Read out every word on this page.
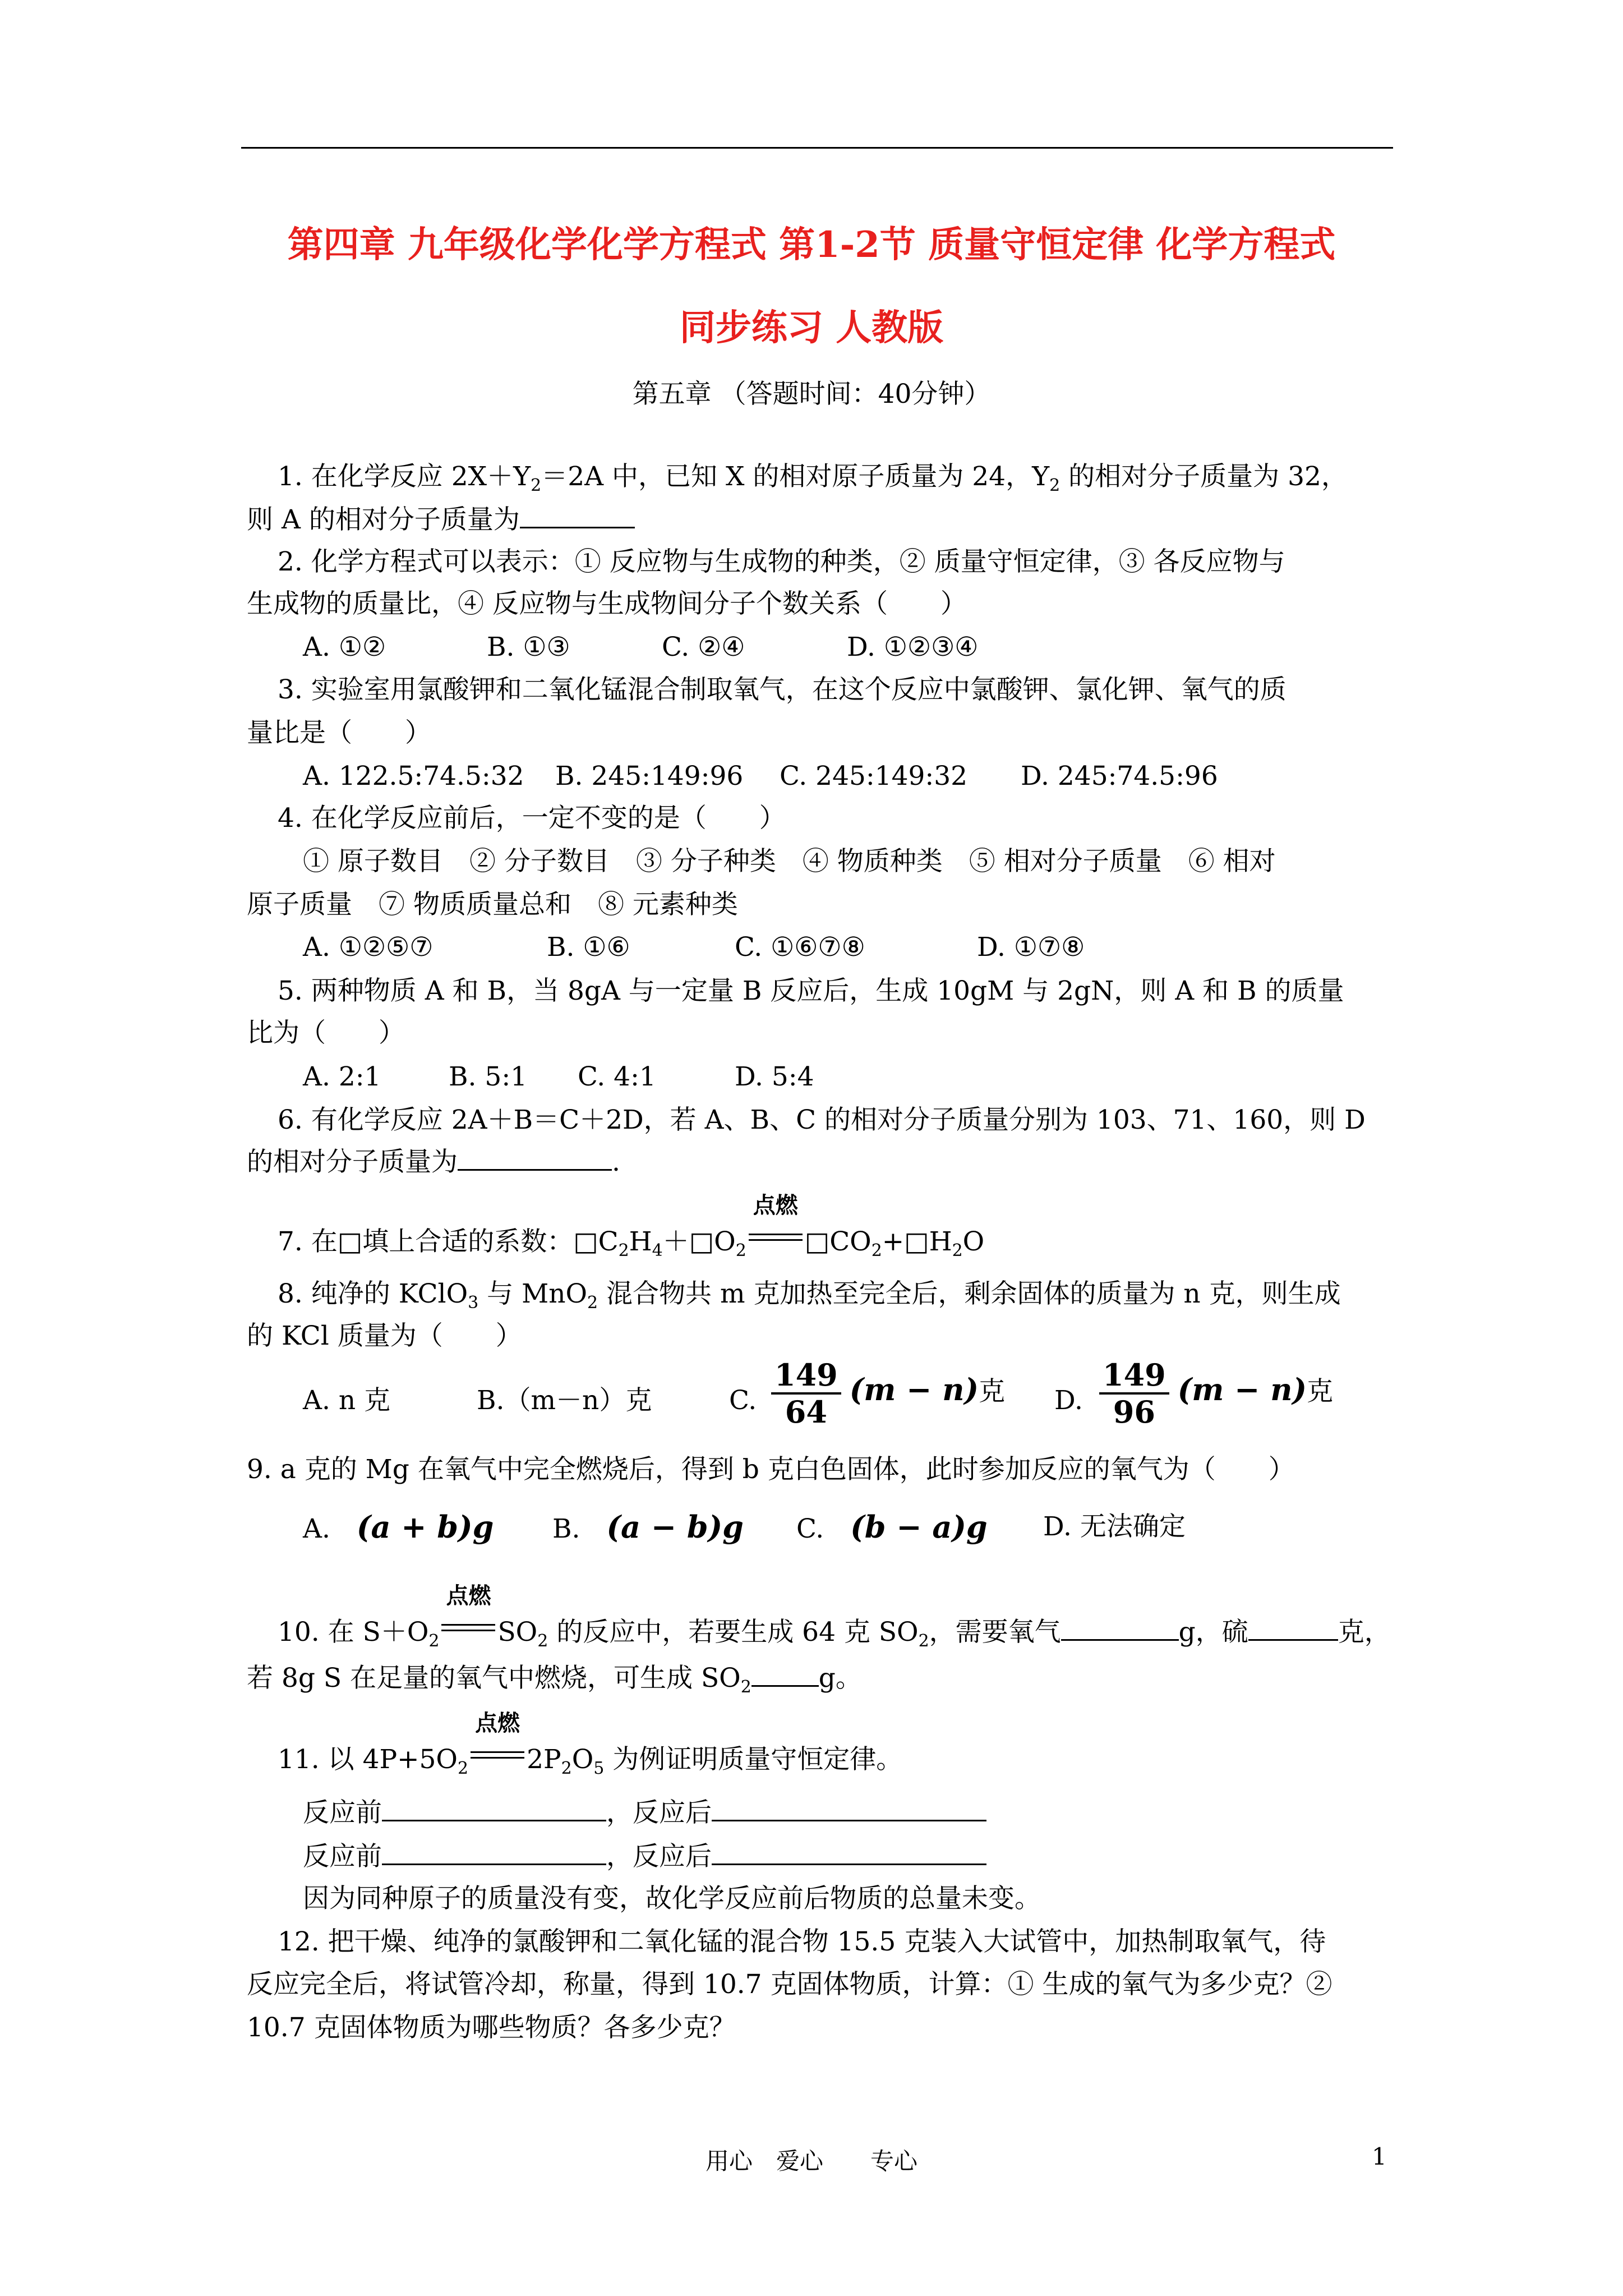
第四章 九年级化学化学方程式 第1-2节 质量守恒定律 化学方程式
同步练习 人教版
第五章 （答题时间：40分钟）
1. 在化学反应 $2X+Y_2=2A$ 中，已知 X 的相对原子质量为 24，$Y_2$ 的相对分子质量为 32，
则 A 的相对分子质量为
2. 化学方程式可以表示：① 反应物与生成物的种类，② 质量守恒定律，③ 各反应物与
生成物的质量比，④ 反应物与生成物间分子个数关系（　　）
A. ①②	B. ①③	C. ②④	D. ①②③④
3. 实验室用氯酸钾和二氧化锰混合制取氧气，在这个反应中氯酸钾、氯化钾、氧气的质
量比是（　　）
A. 122.5:74.5:32 B. 245:149:96 C. 245:149:32 D. 245:74.5:96
4. 在化学反应前后，一定不变的是（　　）
① 原子数目　② 分子数目　③ 分子种类　④ 物质种类　⑤ 相对分子质量　⑥ 相对
原子质量　⑦ 物质质量总和　⑧ 元素种类
A. ①②⑤⑦	B. ①⑥	C. ①⑥⑦⑧	D. ①⑦⑧
5. 两种物质 A 和 B，当 8gA 与一定量 B 反应后，生成 10gM 与 2gN，则 A 和 B 的质量
比为（　　）
A. 2:1	B. 5:1 C. 4:1	D. 5:4
6. 有化学反应 2A＋B＝C＋2D，若 A、B、C 的相对分子质量分别为 103、71、160，则 D
的相对分子质量为	.
7. 在□填上合适的系数：$□C_2H_4+□O_2$
点燃
$□CO_2+□H_2O$
8. 纯净的 KClO$_3$ 与 MnO$_2$ 混合物共 m 克加热至完全后，剩余固体的质量为 n 克，则生成
的 KCl 质量为（　　）
A. n 克	B.（m－n）克	C. $\frac{149}{64} (m - n)$克 D. $\frac{149}{96} (m - n)$克
9. a 克的 Mg 在氧气中完全燃烧后，得到 b 克白色固体，此时参加反应的氧气为（　　）
A.　 (a + b)g B.　 (a − b)g C.　 (b − a)g D. 无法确定
10. 在 $S+O_2$
点燃
$SO_2$ 的反应中，若要生成 64 克 $SO_2$，需要氧气	g，硫	克，
若 8g S 在足量的氧气中燃烧，可生成 $SO_2$	g。
11. 以 $4P+5O_2$
点燃
$2P_2O_5$ 为例证明质量守恒定律。
反应前	，反应后
反应前	，反应后
因为同种原子的质量没有变，故化学反应前后物质的总量未变。
12. 把干燥、纯净的氯酸钾和二氧化锰的混合物 15.5 克装入大试管中，加热制取氧气，待
反应完全后，将试管冷却，称量，得到 10.7 克固体物质，计算：① 生成的氧气为多少克？②
10.7 克固体物质为哪些物质？各多少克？
用心　爱心　　专心	1
